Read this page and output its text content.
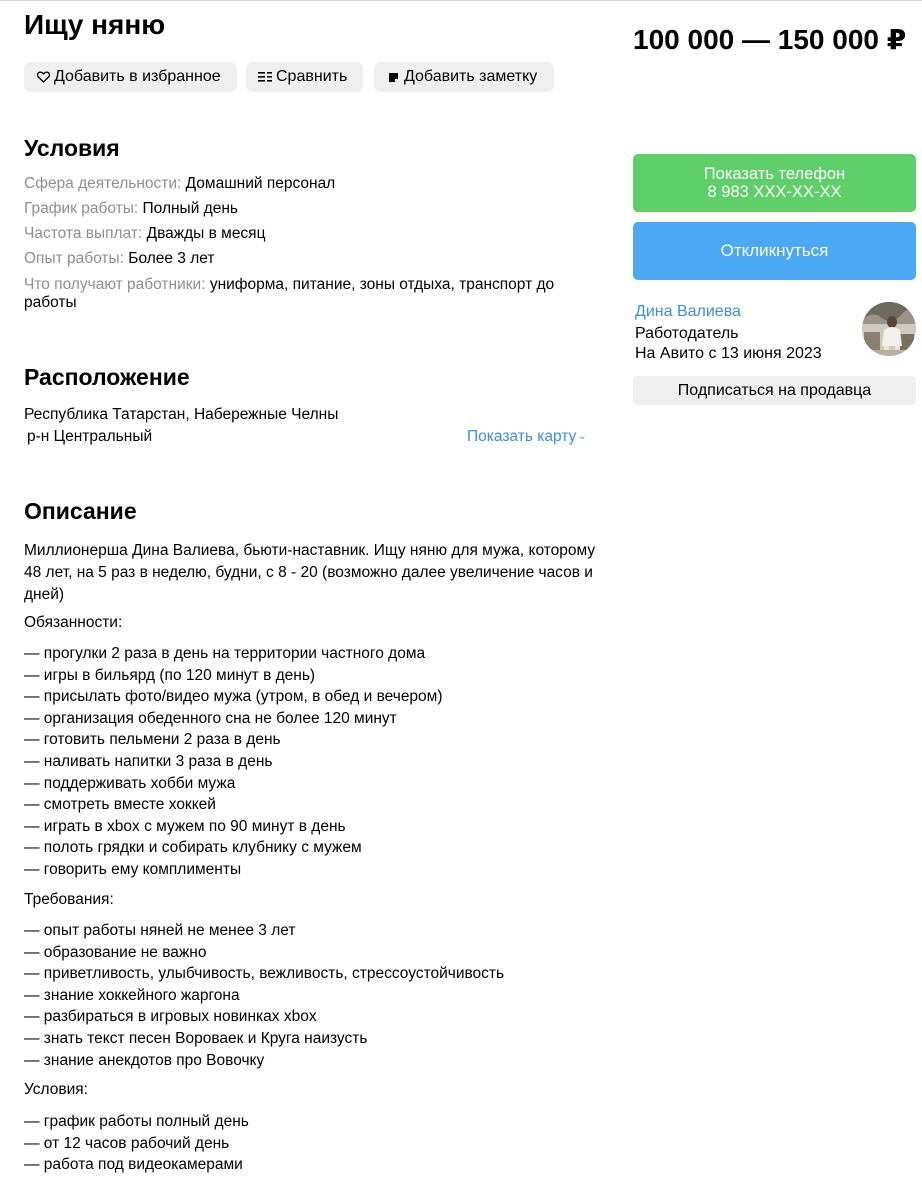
Ищу няню
Добавить в избранное	Сравнить	Добавить заметку
Условия
Сфера деятельности: Домашний персонал
График работы: Полный день
Частота выплат: Дважды в месяц
Опыт работы: Более 3 лет
Что получают работники: униформа, питание, зоны отдыха, транспорт до работы
Расположение
Республика Татарстан, Набережные Челны
р-н Центральный	Показать карту ⌄
Описание

Миллионерша Дина Валиева, бьюти-наставник. Ищу няню для мужа, которому 48 лет, на 5 раз в неделю, будни, с 8 - 20 (возможно далее увеличение часов и дней)

Обязанности:
— прогулки 2 раза в день на территории частного дома
— игры в бильярд (по 120 минут в день)
— присылать фото/видео мужа (утром, в обед и вечером)
— организация обеденного сна не более 120 минут
— готовить пельмени 2 раза в день
— наливать напитки 3 раза в день
— поддерживать хобби мужа
— смотреть вместе хоккей
— играть в xbox с мужем по 90 минут в день
— полоть грядки и собирать клубнику с мужем
— говорить ему комплименты
Требования:
— опыт работы няней не менее 3 лет
— образование не важно
— приветливость, улыбчивость, вежливость, стрессоустойчивость
— знание хоккейного жаргона
— разбираться в игровых новинках xbox
— знать текст песен Вороваек и Круга наизусть
— знание анекдотов про Вовочку
Условия:
— график работы полный день
— от 12 часов рабочий день
— работа под видеокамерами
100 000 — 150 000 ₽
Показать телефон
8 983 XXX-XX-XX
Откликнуться
Дина Валиева
Работодатель
На Авито с 13 июня 2023
Подписаться на продавца
